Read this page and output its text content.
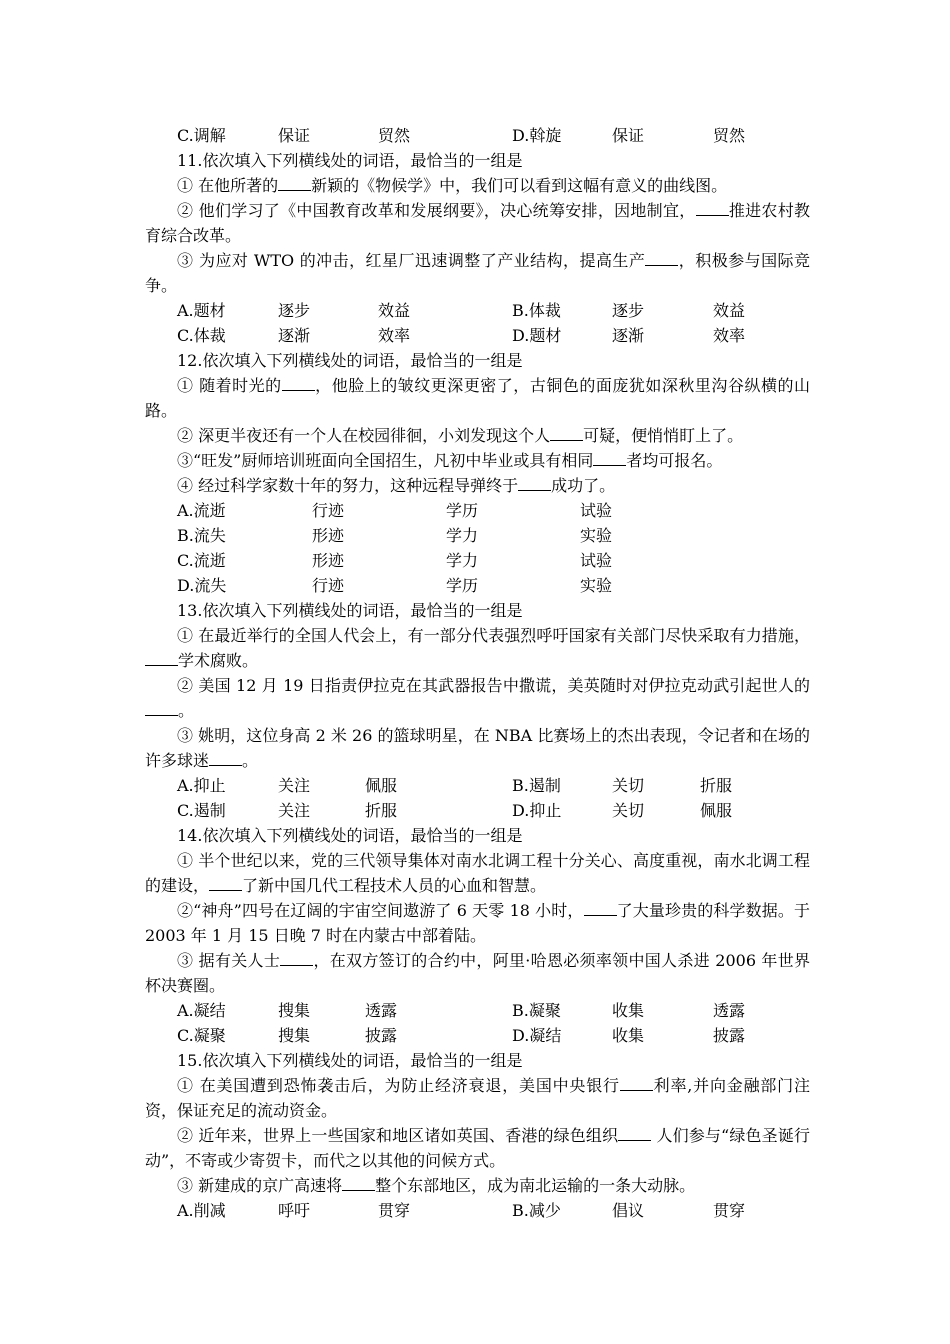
C.调解	保证	贸然	D.斡旋	保证	贸然
11.依次填入下列横线处的词语，最恰当的一组是
① 在他所著的 新颖的《物候学》中，我们可以看到这幅有意义的曲线图。
② 他们学习了《中国教育改革和发展纲要》，决心统筹安排，因地制宜， 推进农村教育综合改革。
③ 为应对 WTO 的冲击，红星厂迅速调整了产业结构，提高生产 ，积极参与国际竞争。
A.题材	逐步	效益	B.体裁	逐步	效益
C.体裁	逐渐	效率	D.题材	逐渐	效率
12.依次填入下列横线处的词语，最恰当的一组是
① 随着时光的 ，他脸上的皱纹更深更密了，古铜色的面庞犹如深秋里沟谷纵横的山路。
② 深更半夜还有一个人在校园徘徊，小刘发现这个人 可疑，便悄悄盯上了。
③“旺发”厨师培训班面向全国招生，凡初中毕业或具有相同 者均可报名。
④ 经过科学家数十年的努力，这种远程导弹终于 成功了。
A.流逝	行迹	学历	试验
B.流失	形迹	学力	实验
C.流逝	形迹	学力	试验
D.流失	行迹	学历	实验
13.依次填入下列横线处的词语，最恰当的一组是
① 在最近举行的全国人代会上，有一部分代表强烈呼吁国家有关部门尽快采取有力措施，学术腐败。
② 美国 12 月 19 日指责伊拉克在其武器报告中撒谎，美英随时对伊拉克动武引起世人的。
③ 姚明，这位身高 2 米 26 的篮球明星，在 NBA 比赛场上的杰出表现，令记者和在场的许多球迷 。
A.抑止	关注	佩服	B.遏制	关切	折服
C.遏制	关注	折服	D.抑止	关切	佩服
14.依次填入下列横线处的词语，最恰当的一组是
① 半个世纪以来，党的三代领导集体对南水北调工程十分关心、高度重视，南水北调工程的建设， 了新中国几代工程技术人员的心血和智慧。
②“神舟”四号在辽阔的宇宙空间遨游了 6 天零 18 小时， 了大量珍贵的科学数据。于 2003 年 1 月 15 日晚 7 时在内蒙古中部着陆。
③ 据有关人士 ，在双方签订的合约中，阿里·哈恩必须率领中国人杀进 2006 年世界杯决赛圈。
A.凝结	搜集	透露	B.凝聚	收集	透露
C.凝聚	搜集	披露	D.凝结	收集	披露
15.依次填入下列横线处的词语，最恰当的一组是
① 在美国遭到恐怖袭击后，为防止经济衰退，美国中央银行 利率,并向金融部门注资，保证充足的流动资金。
② 近年来，世界上一些国家和地区诸如英国、香港的绿色组织 人们参与“绿色圣诞行动”，不寄或少寄贺卡，而代之以其他的问候方式。
③ 新建成的京广高速将 整个东部地区，成为南北运输的一条大动脉。
A.削减	呼吁	贯穿	B.减少	倡议	贯穿
